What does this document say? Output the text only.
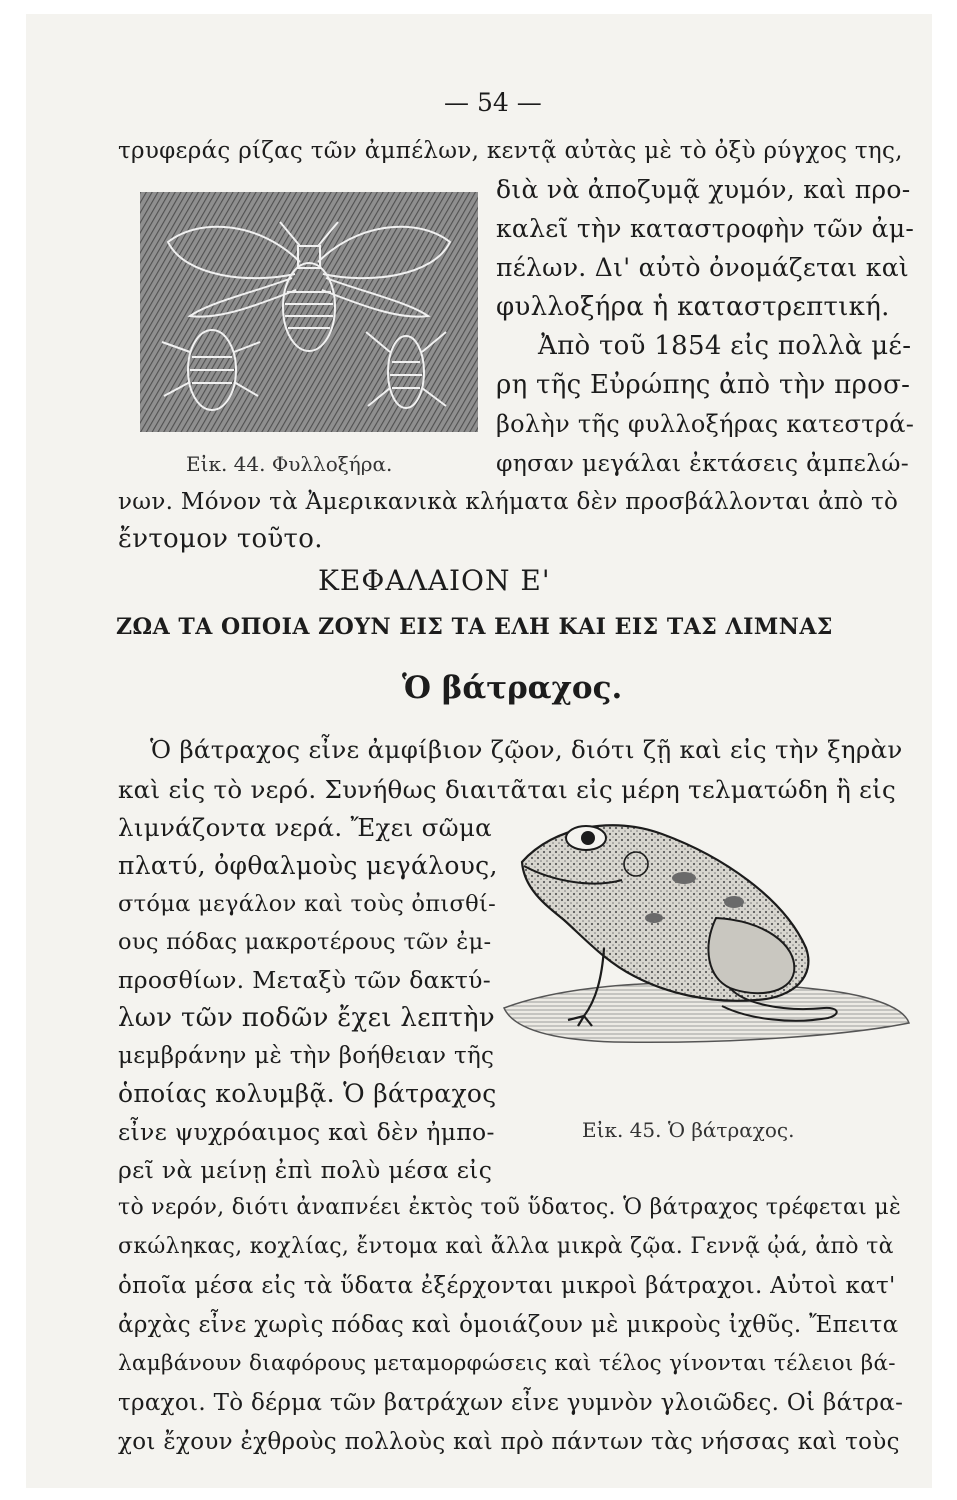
— 54 —
τρυφεράς ρίζας τῶν ἀμπέλων, κεντᾷ αὐτὰς μὲ τὸ ὀξὺ ρύγχος της,
διὰ νὰ ἀποζυμᾷ χυμόν, καὶ προ-
καλεῖ τὴν καταστροφὴν τῶν ἀμ-
πέλων. Δι' αὐτὸ ὀνομάζεται καὶ
φυλλοξήρα ἡ καταστρεπτική.
Ἀπὸ τοῦ 1854 εἰς πολλὰ μέ-
ρη τῆς Εὐρώπης ἀπὸ τὴν προσ-
βολὴν τῆς φυλλοξήρας κατεστρά-
φησαν μεγάλαι ἐκτάσεις ἀμπελώ-
Εἰκ. 44. Φυλλοξήρα.
νων. Μόνον τὰ Ἀμερικανικὰ κλήματα δὲν προσβάλλονται ἀπὸ τὸ
ἔντομον τοῦτο.
ΚΕΦΑΛΑΙΟΝ Ε'
ΖΩΑ ΤΑ ΟΠΟΙΑ ΖΟΥΝ ΕΙΣ ΤΑ ΕΛΗ ΚΑΙ ΕΙΣ ΤΑΣ ΛΙΜΝΑΣ
Ὁ βάτραχος.
Ὁ βάτραχος εἶνε ἀμφίβιον ζῷον, διότι ζῇ καὶ εἰς τὴν ξηρὰν
καὶ εἰς τὸ νερό. Συνήθως διαιτᾶται εἰς μέρη τελματώδη ἢ εἰς
λιμνάζοντα νερά. Ἔχει σῶμα
πλατύ, ὀφθαλμοὺς μεγάλους,
στόμα μεγάλον καὶ τοὺς ὀπισθί-
ους πόδας μακροτέρους τῶν ἐμ-
προσθίων. Μεταξὺ τῶν δακτύ-
λων τῶν ποδῶν ἔχει λεπτὴν
μεμβράνην μὲ τὴν βοήθειαν τῆς
ὁποίας κολυμβᾷ. Ὁ βάτραχος
εἶνε ψυχρόαιμος καὶ δὲν ἠμπο-
ρεῖ νὰ μείνῃ ἐπὶ πολὺ μέσα εἰς
Εἰκ. 45. Ὁ βάτραχος.
τὸ νερόν, διότι ἀναπνέει ἐκτὸς τοῦ ὕδατος. Ὁ βάτραχος τρέφεται μὲ
σκώληκας, κοχλίας, ἔντομα καὶ ἄλλα μικρὰ ζῷα. Γεννᾷ ᾠά, ἀπὸ τὰ
ὁποῖα μέσα εἰς τὰ ὕδατα ἐξέρχονται μικροὶ βάτραχοι. Αὐτοὶ κατ'
ἀρχὰς εἶνε χωρὶς πόδας καὶ ὁμοιάζουν μὲ μικροὺς ἰχθῦς. Ἔπειτα
λαμβάνουν διαφόρους μεταμορφώσεις καὶ τέλος γίνονται τέλειοι βά-
τραχοι. Τὸ δέρμα τῶν βατράχων εἶνε γυμνὸν γλοιῶδες. Οἱ βάτρα-
χοι ἔχουν ἐχθροὺς πολλοὺς καὶ πρὸ πάντων τὰς νήσσας καὶ τοὺς
